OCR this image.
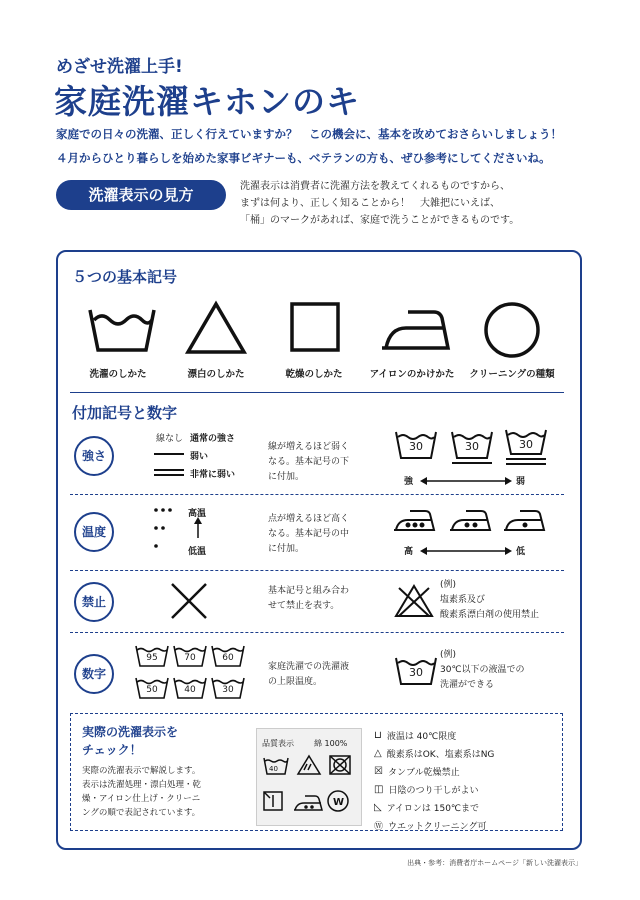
めざせ洗濯上手!
家庭洗濯キホンのキ
家庭での日々の洗濯、正しく行えていますか？　この機会に、基本を改めておさらいしましょう！
４月からひとり暮らしを始めた家事ビギナーも、ベテランの方も、ぜひ参考にしてくださいね。
洗濯表示の見方	洗濯表示は消費者に洗濯方法を教えてくれるものですから、
まずは何より、正しく知ることから！　大雑把にいえば、
「桶」のマークがあれば、家庭で洗うことができるものです。
５つの基本記号
洗濯のしかた	漂白のしかた	乾燥のしかた	アイロンのかけかた	クリーニングの種類
付加記号と数字
強さ
線なし 通常の強さ
弱い
非常に弱い
線が増えるほど弱く
なる。基本記号の下
に付加。
30	30	30
強	弱
温度
高温
低温
点が増えるほど高く
なる。基本記号の中
に付加。	高	低
禁止
基本記号と組み合わ
せて禁止を表す。
(例)
塩素系及び
酸素系漂白剤の使用禁止
数字
95	70	60
50	40	30
家庭洗濯での洗濯液
の上限温度。
30
(例)
30℃以下の液温での
洗濯ができる
実際の洗濯表示を
チェック！
実際の洗濯表示で解説します。
表示は洗濯処理・漂白処理・乾
燥・アイロン仕上げ・クリーニ
ングの順で表記されています。
品質表示	綿 100%
40
W
⊔ 液温は 40℃限度
△ 酸素系はOK、塩素系はNG
☒ タンブル乾燥禁止
◫ 日陰のつり干しがよい
◺ アイロンは 150℃まで
Ⓦ ウエットクリーニング可
出典・参考：消費者庁ホームページ「新しい洗濯表示」
